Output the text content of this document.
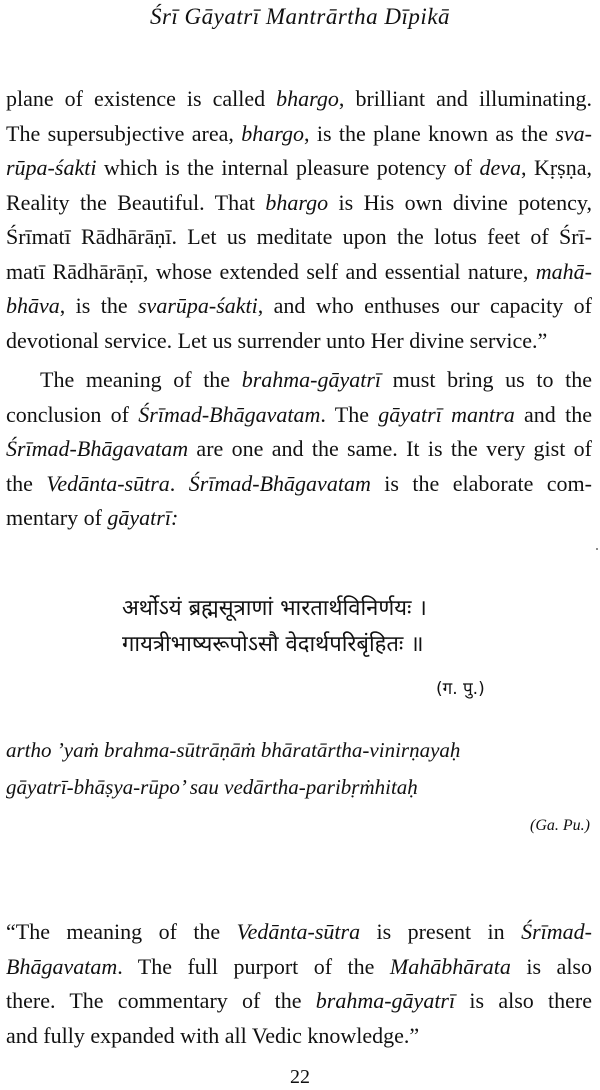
Śrī Gāyatrī Mantrārtha Dīpikā
plane of existence is called bhargo, brilliant and illuminating.
The supersubjective area, bhargo, is the plane known as the sva-
rūpa-śakti which is the internal pleasure potency of deva, Kṛṣṇa,
Reality the Beautiful. That bhargo is His own divine potency,
Śrīmatī Rādhārāṇī. Let us meditate upon the lotus feet of Śrī-
matī Rādhārāṇī, whose extended self and essential nature, mahā-
bhāva, is the svarūpa-śakti, and who enthuses our capacity of
devotional service. Let us surrender unto Her divine service.”
The meaning of the brahma-gāyatrī must bring us to the
conclusion of Śrīmad-Bhāgavatam. The gāyatrī mantra and the
Śrīmad-Bhāgavatam are one and the same. It is the very gist of
the Vedānta-sūtra. Śrīmad-Bhāgavatam is the elaborate com-
mentary of gāyatrī:
अर्थोऽयं ब्रह्मसूत्राणां भारतार्थविनिर्णयः ।
गायत्रीभाष्यरूपोऽसौ वेदार्थपरिबृंहितः ॥
(ग. पु.)
artho ’yaṁ brahma-sūtrāṇāṁ bhāratārtha-vinirṇayaḥ
gāyatrī-bhāṣya-rūpo’ sau vedārtha-paribṛṁhitaḥ
(Ga. Pu.)
“The meaning of the Vedānta-sūtra is present in Śrīmad-
Bhāgavatam. The full purport of the Mahābhārata is also
there. The commentary of the brahma-gāyatrī is also there
and fully expanded with all Vedic knowledge.”
22
